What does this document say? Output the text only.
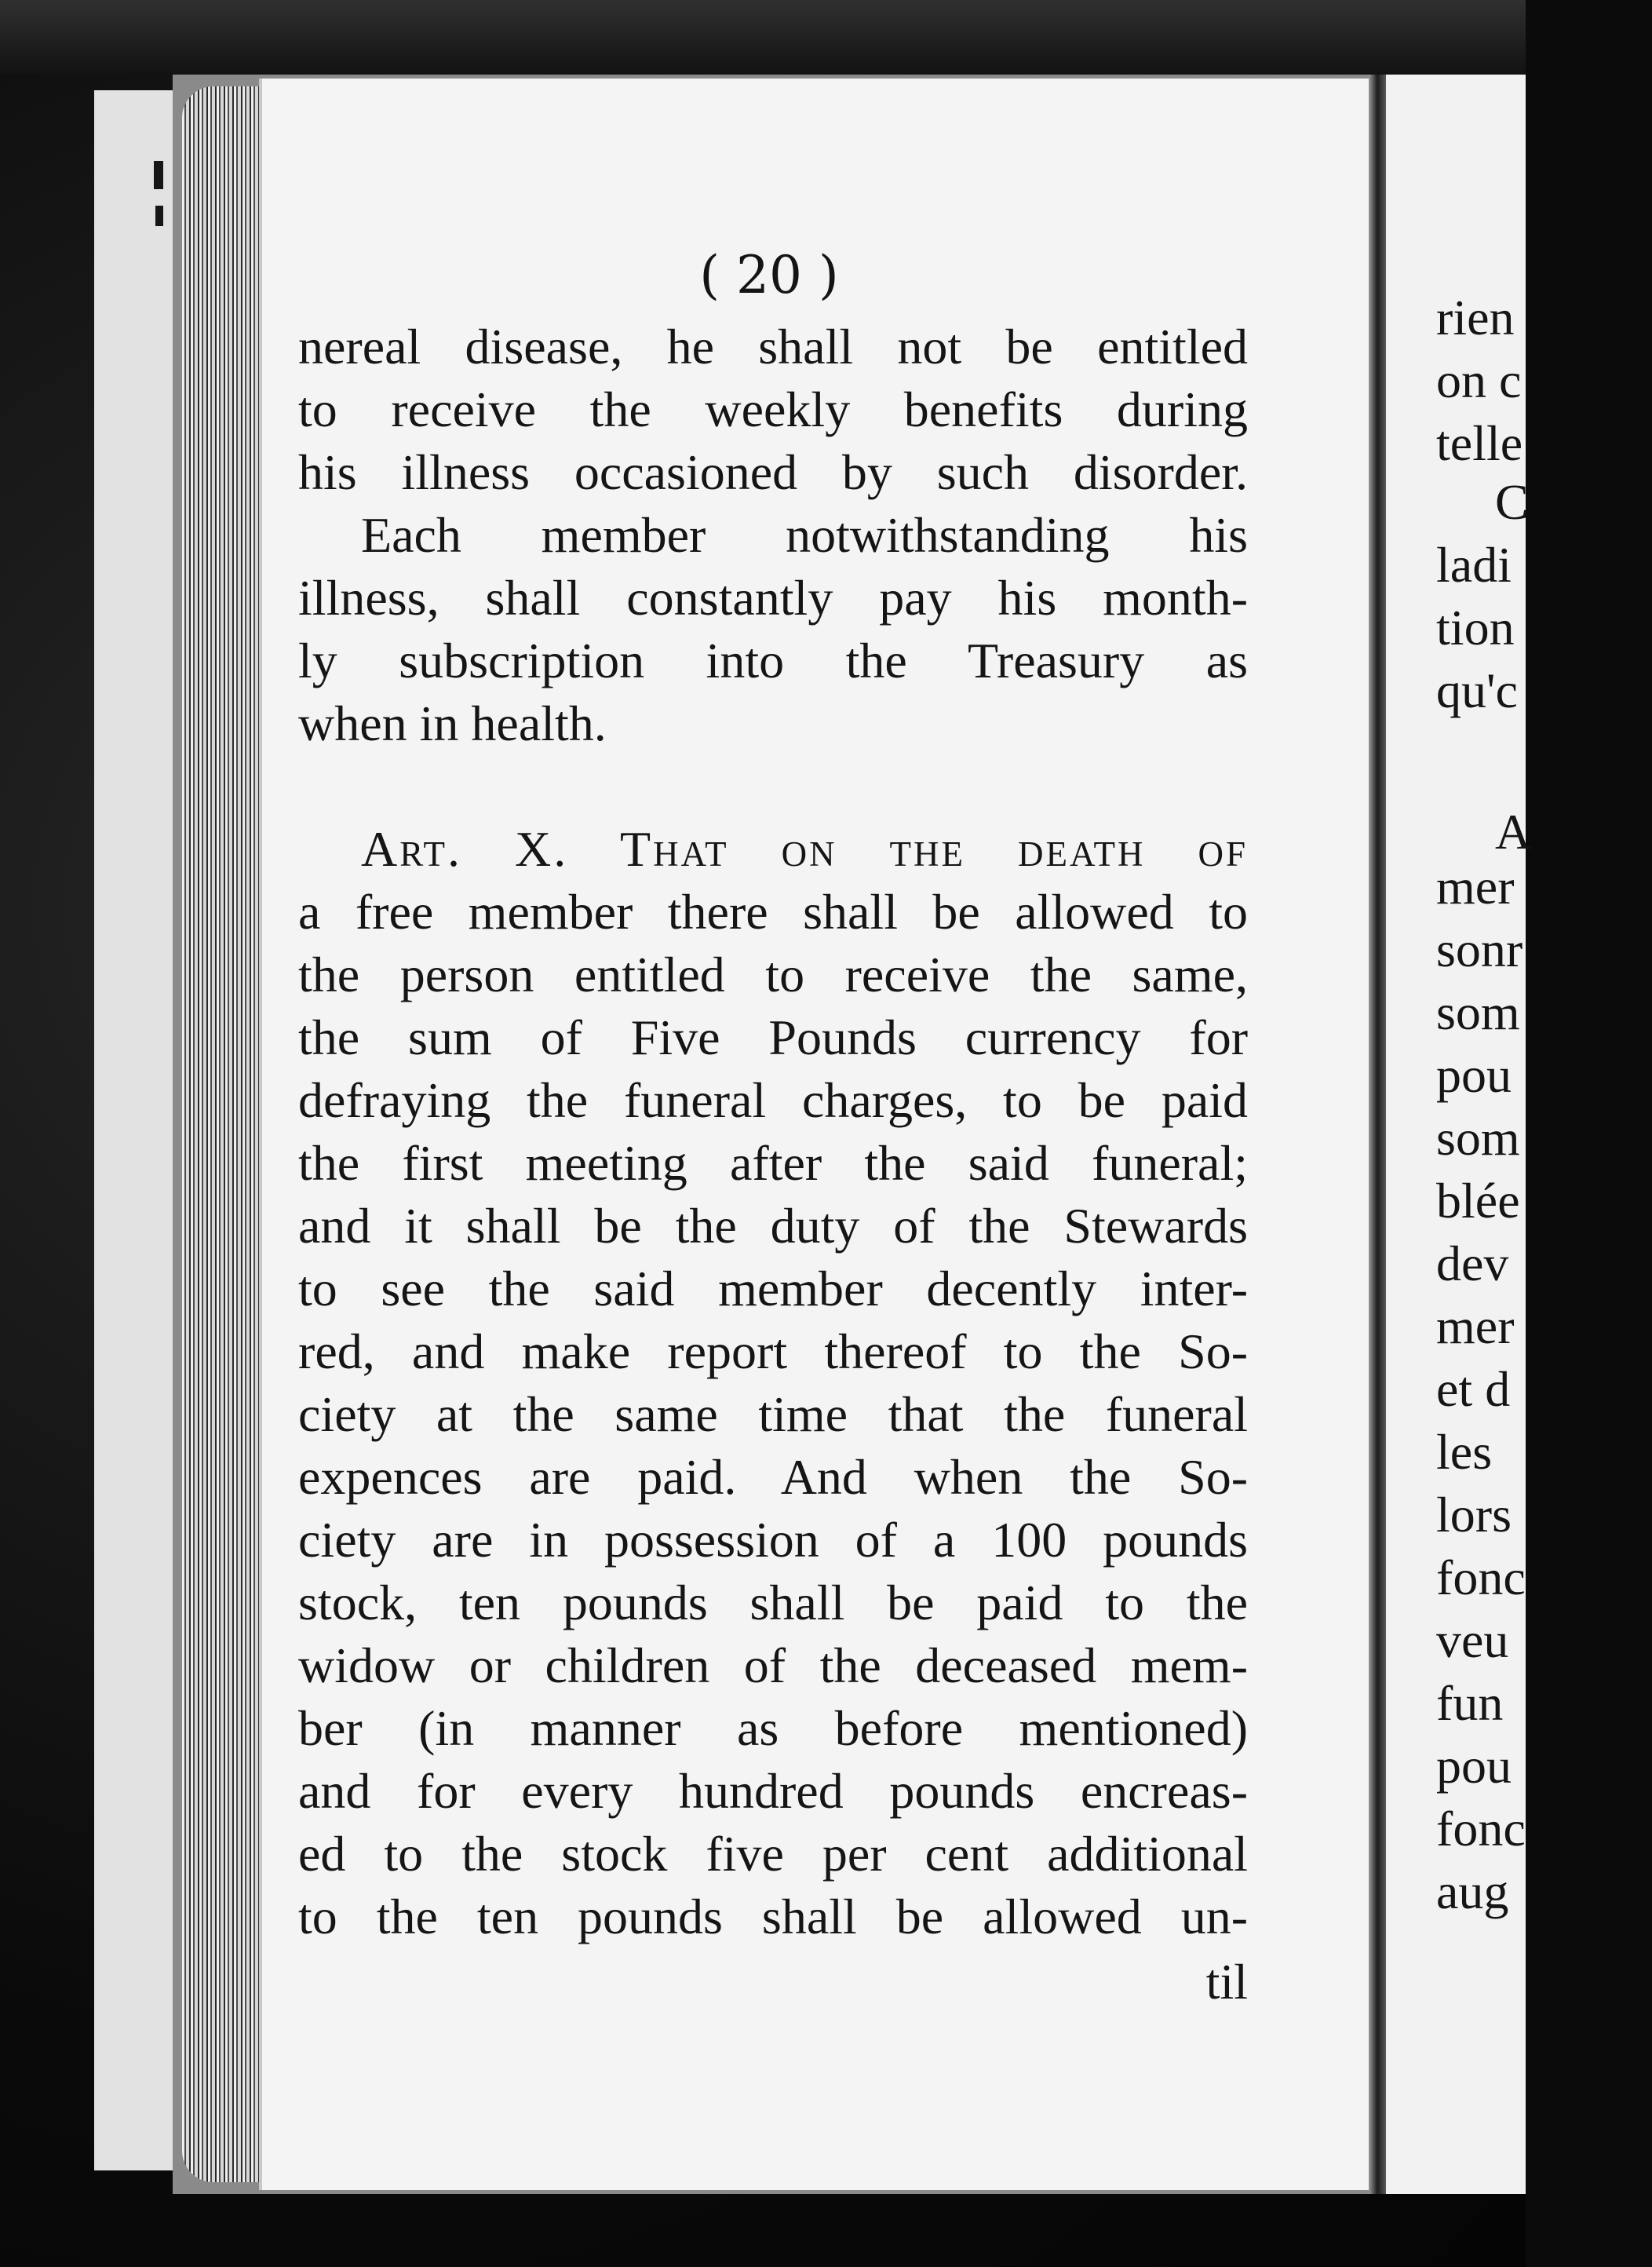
( 20 )
nereal disease, he shall not be entitled
to receive the weekly benefits during
his illness occasioned by such disorder.
Each member notwithstanding his
illness, shall constantly pay his month-
ly subscription into the Treasury as
when in health.
Art. X. That on the death of
a free member there shall be allowed to
the person entitled to receive the same,
the sum of Five Pounds currency for
defraying the funeral charges, to be paid
the first meeting after the said funeral;
and it shall be the duty of the Stewards
to see the said member decently inter-
red, and make report thereof to the So-
ciety at the same time that the funeral
expences are paid. And when the So-
ciety are in possession of a 100 pounds
stock, ten pounds shall be paid to the
widow or children of the deceased mem-
ber (in manner as before mentioned)
and for every hundred pounds encreas-
ed to the stock five per cent additional
to the ten pounds shall be allowed un-
til
rien
on c
telle
C
ladi
tion
qu'c
A
mer
sonr
som
pou
som
blée
dev
mer
et d
les
lors
fonc
veu
fun
pou
fonc
aug
